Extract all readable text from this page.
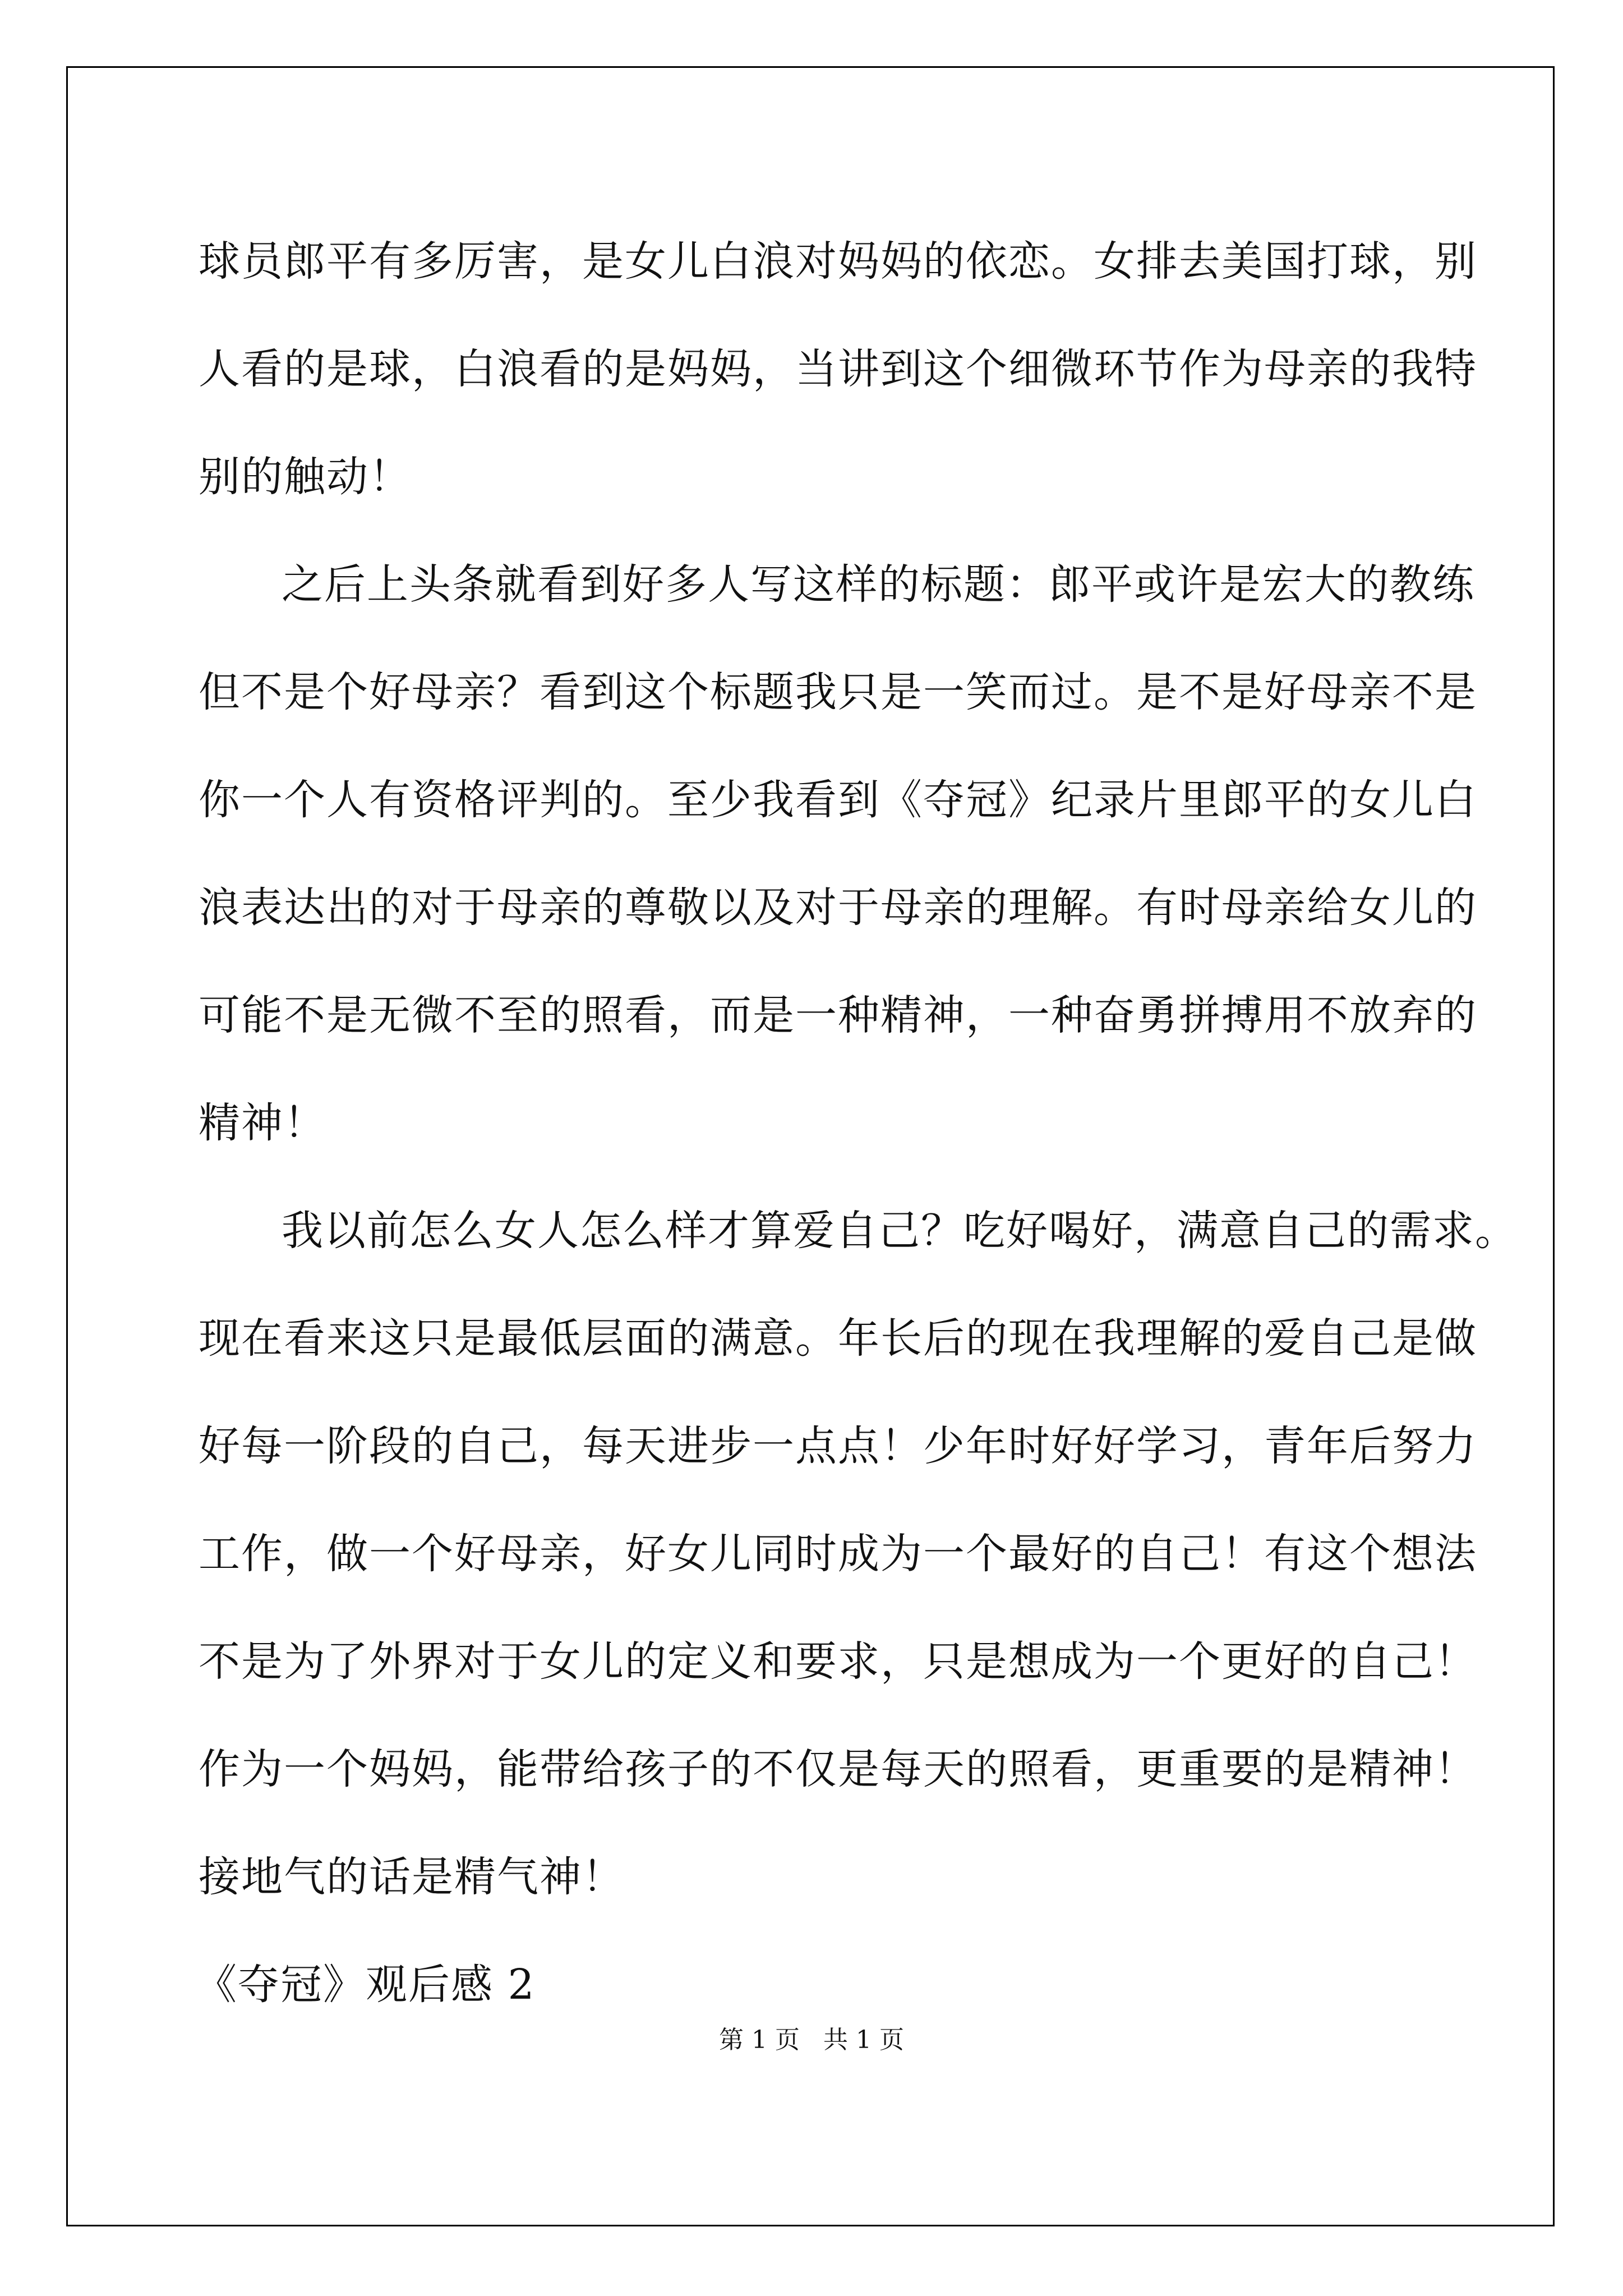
球员郎平有多厉害，是女儿白浪对妈妈的依恋。女排去美国打球，别
人看的是球，白浪看的是妈妈，当讲到这个细微环节作为母亲的我特
别的触动！
之后上头条就看到好多人写这样的标题：郎平或许是宏大的教练
但不是个好母亲？看到这个标题我只是一笑而过。是不是好母亲不是
你一个人有资格评判的。至少我看到《夺冠》纪录片里郎平的女儿白
浪表达出的对于母亲的尊敬以及对于母亲的理解。有时母亲给女儿的
可能不是无微不至的照看，而是一种精神，一种奋勇拼搏用不放弃的
精神！
我以前怎么女人怎么样才算爱自己？吃好喝好，满意自己的需求。
现在看来这只是最低层面的满意。年长后的现在我理解的爱自己是做
好每一阶段的自己，每天进步一点点！少年时好好学习，青年后努力
工作，做一个好母亲，好女儿同时成为一个最好的自己！有这个想法
不是为了外界对于女儿的定义和要求，只是想成为一个更好的自己！
作为一个妈妈，能带给孩子的不仅是每天的照看，更重要的是精神！
接地气的话是精气神！
《夺冠》观后感 2
第 1 页   共 1 页
